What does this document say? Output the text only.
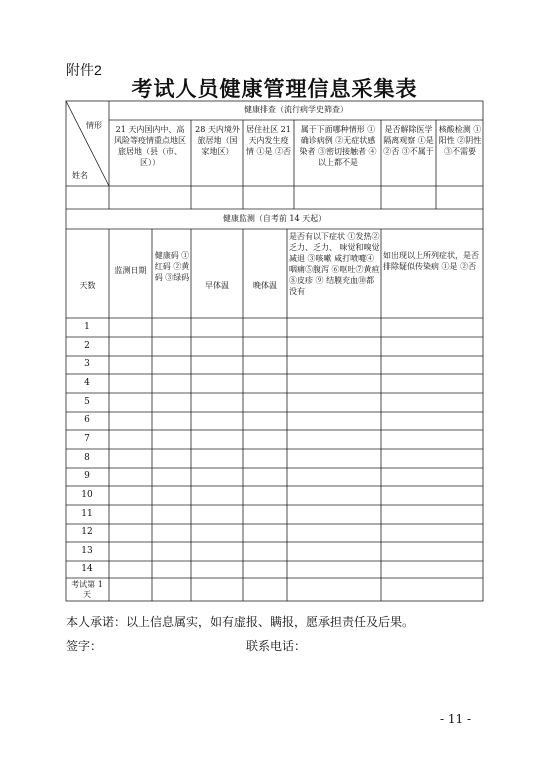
附件2
考试人员健康管理信息采集表
情形
姓名
健康排查（流行病学史筛查）
21 天内国内中、高风险等疫情重点地区旅居地（县（市、区））
28 天内境外旅居地（国家地区）
居住社区 21 天内发生疫情 ①是 ②否
属于下面哪种情形 ①确诊病例 ②无症状感染者 ③密切接触者 ④以上都不是
是否解除医学隔离观察 ①是 ②否 ③不属于
核酸检测 ①阳性 ②阴性 ③不需要
健康监测（自考前 14 天起）
天数
监测日期
健康码 ①红码 ②黄码 ③绿码
早体温	晚体温
是否有以下症状 ①发热②乏力、乏力、 味觉和嗅觉减退 ③咳嗽 咸打喷嚏④咽痛⑤腹泻 ⑥呕吐⑦黄疸⑧皮疹 ⑨ 结膜充血⑩都没有
如出现以上所列症状，是否排除疑似传染病 ①是 ②否
1
2
3
4
5
6
7
8
9
10
11
12
13
14
考试第 1 天
本人承诺：以上信息属实，如有虚报、瞒报，愿承担责任及后果。
签字：	联系电话：
- 11 -
